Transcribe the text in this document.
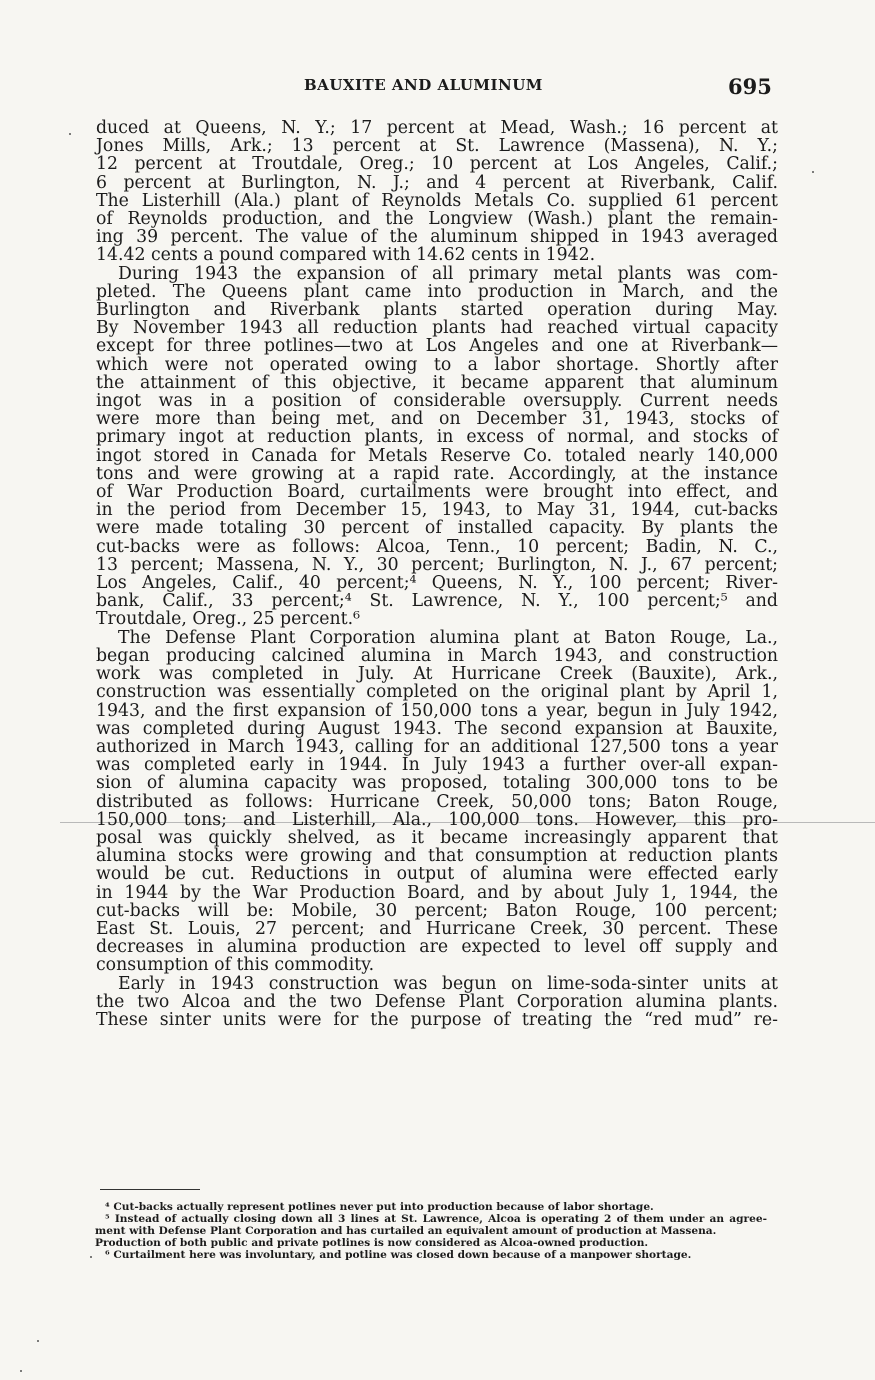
BAUXITE AND ALUMINUM	695
duced at Queens, N. Y.; 17 percent at Mead, Wash.; 16 percent at
Jones Mills, Ark.; 13 percent at St. Lawrence (Massena), N. Y.;
12 percent at Troutdale, Oreg.; 10 percent at Los Angeles, Calif.;
6 percent at Burlington, N. J.; and 4 percent at Riverbank, Calif.
The Listerhill (Ala.) plant of Reynolds Metals Co. supplied 61 percent
of Reynolds production, and the Longview (Wash.) plant the remain-
ing 39 percent. The value of the aluminum shipped in 1943 averaged
14.42 cents a pound compared with 14.62 cents in 1942.
During 1943 the expansion of all primary metal plants was com-
pleted. The Queens plant came into production in March, and the
Burlington and Riverbank plants started operation during May.
By November 1943 all reduction plants had reached virtual capacity
except for three potlines—two at Los Angeles and one at Riverbank—
which were not operated owing to a labor shortage. Shortly after
the attainment of this objective, it became apparent that aluminum
ingot was in a position of considerable oversupply. Current needs
were more than being met, and on December 31, 1943, stocks of
primary ingot at reduction plants, in excess of normal, and stocks of
ingot stored in Canada for Metals Reserve Co. totaled nearly 140,000
tons and were growing at a rapid rate. Accordingly, at the instance
of War Production Board, curtailments were brought into effect, and
in the period from December 15, 1943, to May 31, 1944, cut-backs
were made totaling 30 percent of installed capacity. By plants the
cut-backs were as follows: Alcoa, Tenn., 10 percent; Badin, N. C.,
13 percent; Massena, N. Y., 30 percent; Burlington, N. J., 67 percent;
Los Angeles, Calif., 40 percent;⁴ Queens, N. Y., 100 percent; River-
bank, Calif., 33 percent;⁴ St. Lawrence, N. Y., 100 percent;⁵ and
Troutdale, Oreg., 25 percent.⁶
The Defense Plant Corporation alumina plant at Baton Rouge, La.,
began producing calcined alumina in March 1943, and construction
work was completed in July. At Hurricane Creek (Bauxite), Ark.,
construction was essentially completed on the original plant by April 1,
1943, and the first expansion of 150,000 tons a year, begun in July 1942,
was completed during August 1943. The second expansion at Bauxite,
authorized in March 1943, calling for an additional 127,500 tons a year
was completed early in 1944. In July 1943 a further over-all expan-
sion of alumina capacity was proposed, totaling 300,000 tons to be
distributed as follows: Hurricane Creek, 50,000 tons; Baton Rouge,
150,000 tons; and Listerhill, Ala., 100,000 tons. However, this pro-
posal was quickly shelved, as it became increasingly apparent that
alumina stocks were growing and that consumption at reduction plants
would be cut. Reductions in output of alumina were effected early
in 1944 by the War Production Board, and by about July 1, 1944, the
cut-backs will be: Mobile, 30 percent; Baton Rouge, 100 percent;
East St. Louis, 27 percent; and Hurricane Creek, 30 percent. These
decreases in alumina production are expected to level off supply and
consumption of this commodity.
Early in 1943 construction was begun on lime-soda-sinter units at
the two Alcoa and the two Defense Plant Corporation alumina plants.
These sinter units were for the purpose of treating the “red mud” re-
⁴ Cut-backs actually represent potlines never put into production because of labor shortage.
⁵ Instead of actually closing down all 3 lines at St. Lawrence, Alcoa is operating 2 of them under an agree-
ment with Defense Plant Corporation and has curtailed an equivalent amount of production at Massena.
Production of both public and private potlines is now considered as Alcoa-owned production.
⁶ Curtailment here was involuntary, and potline was closed down because of a manpower shortage.
